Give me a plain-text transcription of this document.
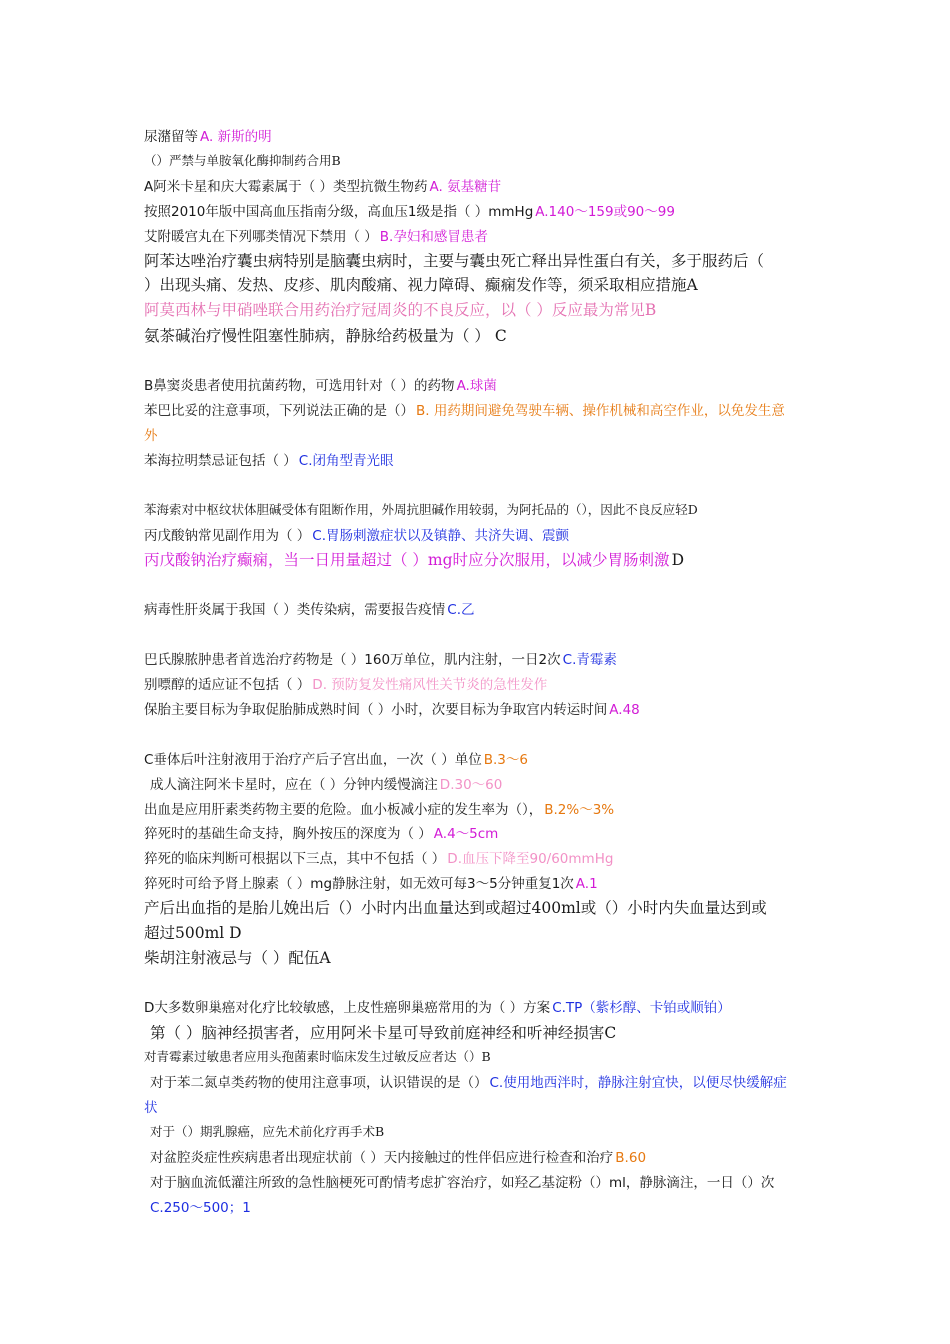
尿潴留等 A. 新斯的明
（）严禁与单胺氧化酶抑制药合用B
A阿米卡星和庆大霉素属于（ ）类型抗微生物药 A. 氨基糖苷
按照2010年版中国高血压指南分级，高血压1级是指（ ）mmHg A.140～159或90～99
艾附暖宫丸在下列哪类情况下禁用（ ） B.孕妇和感冒患者
阿苯达唑治疗囊虫病特别是脑囊虫病时，主要与囊虫死亡释出异性蛋白有关，多于服药后（
）出现头痛、发热、皮疹、肌肉酸痛、视力障碍、癫痫发作等，须采取相应措施A
阿莫西林与甲硝唑联合用药治疗冠周炎的不良反应，以（ ）反应最为常见B
氨茶碱治疗慢性阻塞性肺病，静脉给药极量为（ ） C
B鼻窦炎患者使用抗菌药物，可选用针对（ ）的药物 A.球菌
苯巴比妥的注意事项，下列说法正确的是（） B. 用药期间避免驾驶车辆、操作机械和高空作业，以免发生意
外
苯海拉明禁忌证包括（ ） C.闭角型青光眼
苯海索对中枢纹状体胆碱受体有阻断作用，外周抗胆碱作用较弱，为阿托品的（），因此不良反应轻D
丙戊酸钠常见副作用为（ ） C.胃肠刺激症状以及镇静、共济失调、震颤
丙戊酸钠治疗癫痫，当一日用量超过（ ）mg时应分次服用，以减少胃肠刺激 D
病毒性肝炎属于我国（ ）类传染病，需要报告疫情 C.乙
巴氏腺脓肿患者首选治疗药物是（ ）160万单位，肌内注射，一日2次 C.青霉素
别嘌醇的适应证不包括（ ） D. 预防复发性痛风性关节炎的急性发作
保胎主要目标为争取促胎肺成熟时间（ ）小时，次要目标为争取宫内转运时间 A.48
C垂体后叶注射液用于治疗产后子宫出血，一次（ ）单位 B.3～6
成人滴注阿米卡星时，应在（ ）分钟内缓慢滴注 D.30～60
出血是应用肝素类药物主要的危险。血小板减小症的发生率为（）， B.2%～3%
猝死时的基础生命支持，胸外按压的深度为（ ） A.4～5cm
猝死的临床判断可根据以下三点，其中不包括（ ） D.血压下降至90/60mmHg
猝死时可给予肾上腺素（ ）mg静脉注射，如无效可每3～5分钟重复1次 A.1
产后出血指的是胎儿娩出后（）小时内出血量达到或超过400ml或（）小时内失血量达到或
超过500ml D
柴胡注射液忌与（ ）配伍A
D大多数卵巢癌对化疗比较敏感，上皮性癌卵巢癌常用的为（ ）方案 C.TP（紫杉醇、卡铂或顺铂）
第（ ）脑神经损害者，应用阿米卡星可导致前庭神经和听神经损害C
对青霉素过敏患者应用头孢菌素时临床发生过敏反应者达（）B
对于苯二氮卓类药物的使用注意事项，认识错误的是（） C.使用地西泮时，静脉注射宜快，以便尽快缓解症
状
对于（）期乳腺癌，应先术前化疗再手术B
对盆腔炎症性疾病患者出现症状前（ ）天内接触过的性伴侣应进行检查和治疗 B.60
对于脑血流低灌注所致的急性脑梗死可酌情考虑扩容治疗，如羟乙基淀粉（）ml，静脉滴注，一日（）次
C.250～500；1
